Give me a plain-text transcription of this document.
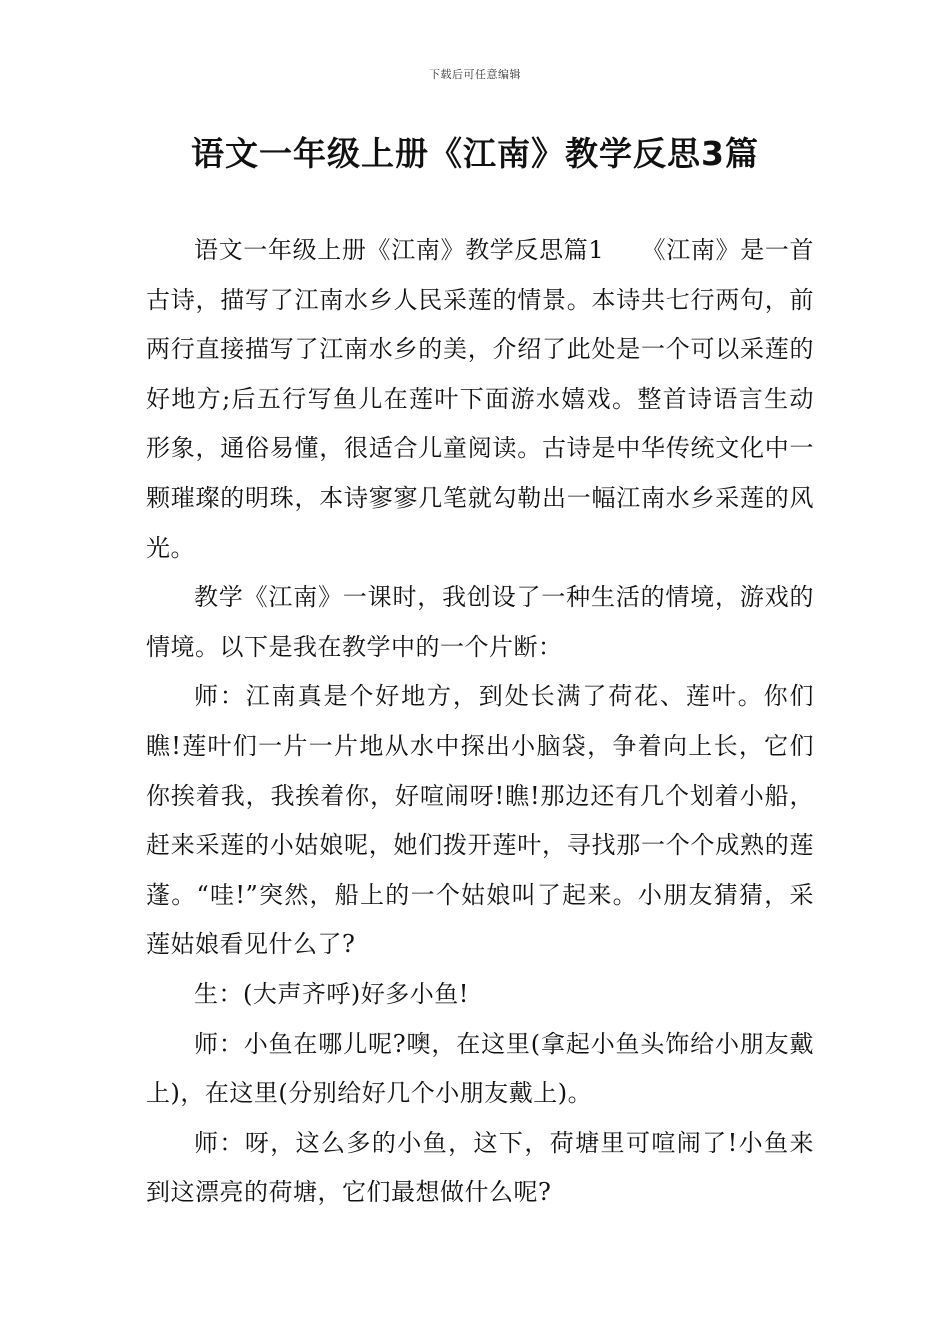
下载后可任意编辑
语文一年级上册《江南》教学反思3篇

语文一年级上册《江南》教学反思篇1　　《江南》是一首古诗，描写了江南水乡人民采莲的情景。本诗共七行两句，前两行直接描写了江南水乡的美，介绍了此处是一个可以采莲的好地方;后五行写鱼儿在莲叶下面游水嬉戏。整首诗语言生动形象，通俗易懂，很适合儿童阅读。古诗是中华传统文化中一颗璀璨的明珠，本诗寥寥几笔就勾勒出一幅江南水乡采莲的风光。

教学《江南》一课时，我创设了一种生活的情境，游戏的情境。以下是我在教学中的一个片断：

师：江南真是个好地方，到处长满了荷花、莲叶。你们瞧!莲叶们一片一片地从水中探出小脑袋，争着向上长，它们你挨着我，我挨着你，好喧闹呀!瞧!那边还有几个划着小船，赶来采莲的小姑娘呢，她们拨开莲叶，寻找那一个个成熟的莲蓬。“哇!”突然，船上的一个姑娘叫了起来。小朋友猜猜，采莲姑娘看见什么了?

生：(大声齐呼)好多小鱼!

师：小鱼在哪儿呢?噢，在这里(拿起小鱼头饰给小朋友戴上)，在这里(分别给好几个小朋友戴上)。

师：呀，这么多的小鱼，这下，荷塘里可喧闹了!小鱼来到这漂亮的荷塘，它们最想做什么呢?
